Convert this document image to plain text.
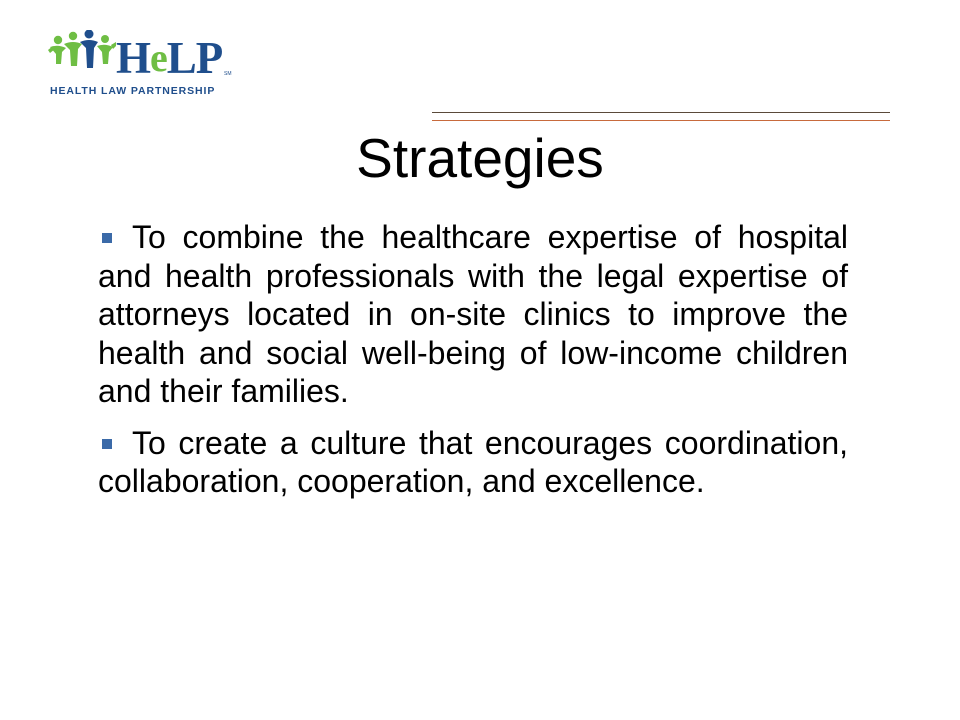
H e LP SM
HEALTH LAW PARTNERSHIP
Strategies
To combine the healthcare expertise of hospital and health professionals with the legal expertise of attorneys located in on-site clinics to improve the health and social well-being of low-income children and their families.
To create a culture that encourages coordination, collaboration, cooperation, and excellence.
